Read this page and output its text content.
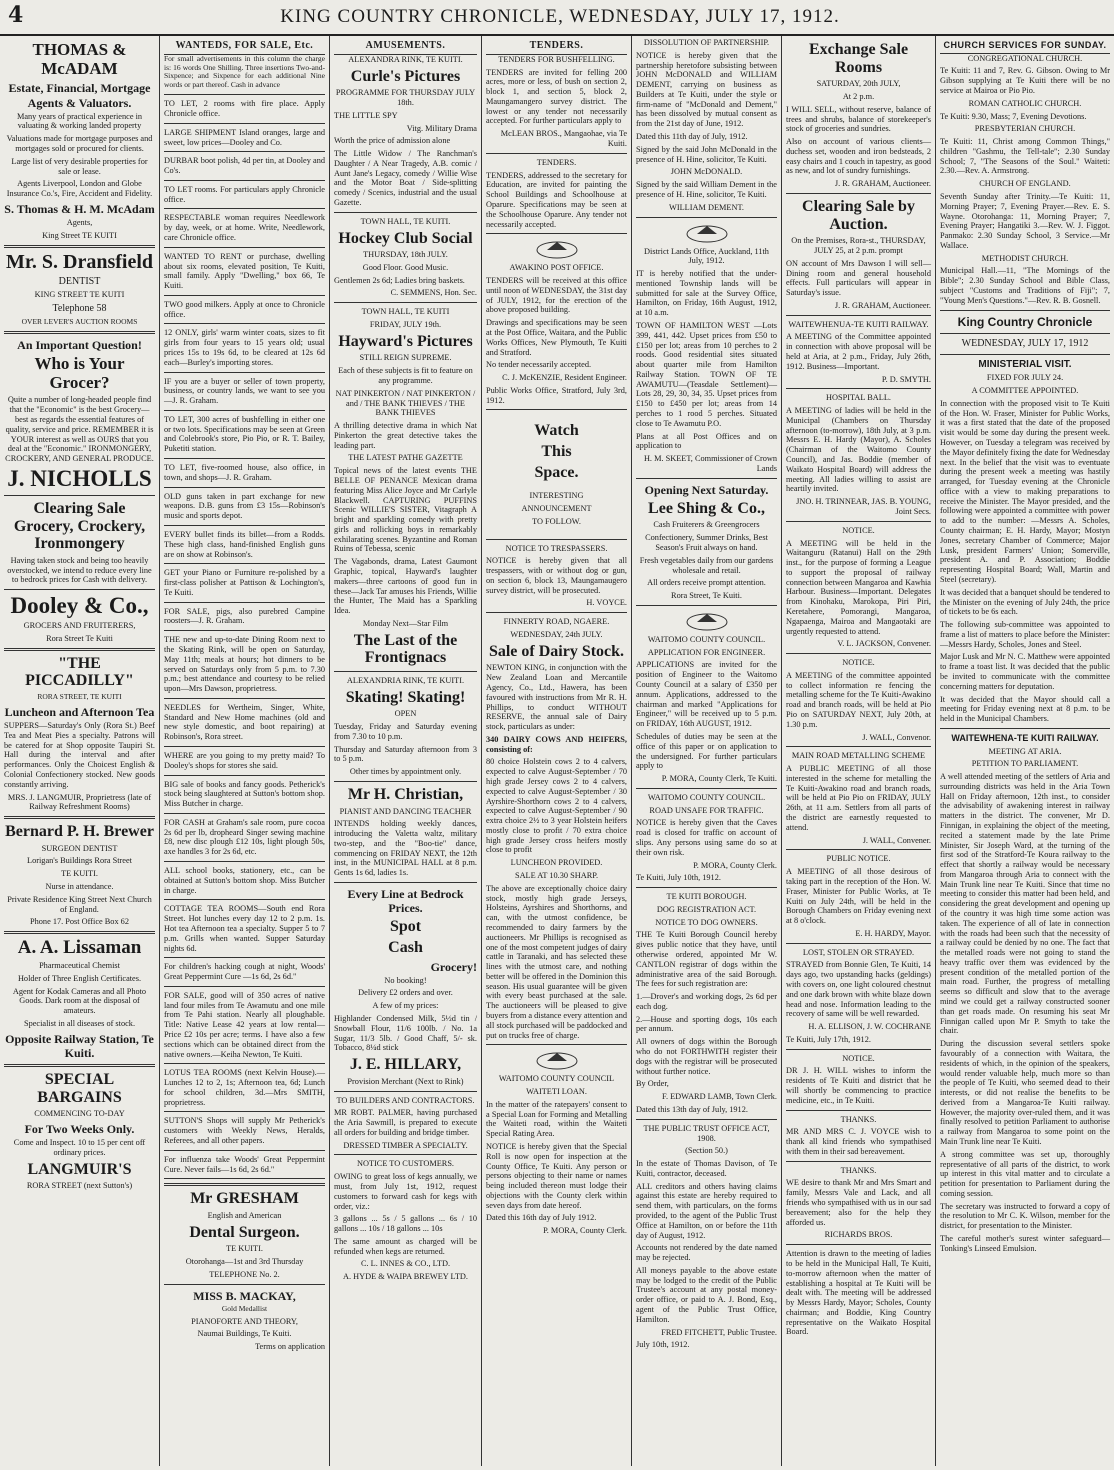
4	KING COUNTRY CHRONICLE, WEDNESDAY, JULY 17, 1912.
THOMAS & McADAM
Estate, Financial, Mortgage Agents & Valuators.

Many years of practical experience in valuating & working landed property

Valuations made for mortgage purposes and mortgages sold or procured for clients.

Large list of very desirable properties for sale or lease.

Agents Liverpool, London and Globe Insurance Co.'s, Fire, Accident and Fidelity.

S. Thomas & H. M. McAdam

Agents,

King Street TE KUITI

Mr. S. Dransfield

DENTIST

KING STREET TE KUITI

Telephone 58

OVER LEVER'S AUCTION ROOMS

An Important Question!
Who is Your Grocer?

Quite a number of long-headed people find that the "Economic" is the best Grocery—best as regards the essential features of quality, service and price. REMEMBER it is YOUR interest as well as OURS that you deal at the "Economic." IRONMONGERY, CROCKERY, AND GENERAL PRODUCE.

J. NICHOLLS
Clearing Sale Grocery, Crockery, Ironmongery

Having taken stock and being too heavily overstocked, we intend to reduce every line to bedrock prices for Cash with delivery.

Dooley & Co.,

GROCERS AND FRUITERERS,

Rora Street Te Kuiti

"THE PICCADILLY"

RORA STREET, TE KUITI

Luncheon and Afternoon Tea

SUPPERS—Saturday's Only (Rora St.) Beef Tea and Meat Pies a specialty. Patrons will be catered for at Shop opposite Taupiri St. Hall during the interval and after performances. Only the Choicest English & Colonial Confectionery stocked. New goods constantly arriving.

MRS. J. LANGMUIR, Proprietress (late of Railway Refreshment Rooms)

Bernard P. H. Brewer

SURGEON DENTIST

Lorigan's Buildings Rora Street

TE KUITI.

Nurse in attendance.

Private Residence King Street Next Church of England.

Phone 17. Post Office Box 62

A. A. Lissaman

Pharmaceutical Chemist

Holder of Three English Certificates.

Agent for Kodak Cameras and all Photo Goods. Dark room at the disposal of amateurs.

Specialist in all diseases of stock.

Opposite Railway Station, Te Kuiti.
SPECIAL BARGAINS

COMMENCING TO-DAY

For Two Weeks Only.

Come and Inspect. 10 to 15 per cent off ordinary prices.

LANGMUIR'S

RORA STREET (next Sutton's)

WANTEDS, FOR SALE, Etc.

For small advertisements in this column the charge is: 16 words One Shilling. Three insertions Two-and-Sixpence; and Sixpence for each additional Nine words or part thereof. Cash in advance

TO LET, 2 rooms with fire place. Apply Chronicle office.

LARGE SHIPMENT Island oranges, large and sweet, low prices—Dooley and Co.

DURBAR boot polish, 4d per tin, at Dooley and Co's.

TO LET rooms. For particulars apply Chronicle office.

RESPECTABLE woman requires Needlework by day, week, or at home. Write, Needlework, care Chronicle office.

WANTED TO RENT or purchase, dwelling about six rooms, elevated position, Te Kuiti, small family. Apply "Dwelling," box 66, Te Kuiti.

TWO good milkers. Apply at once to Chronicle office.

12 ONLY, girls' warm winter coats, sizes to fit girls from four years to 15 years old; usual prices 15s to 19s 6d, to be cleared at 12s 6d each—Burley's importing stores.

IF you are a buyer or seller of town property, business, or country lands, we want to see you—J. R. Graham.

TO LET, 300 acres of bushfelling in either one or two lots. Specifications may be seen at Green and Colebrook's store, Pio Pio, or R. T. Bailey, Puketiti station.

TO LET, five-roomed house, also office, in town, and shops—J. R. Graham.

OLD guns taken in part exchange for new weapons. D.B. guns from £3 15s—Robinson's music and sports depot.

EVERY bullet finds its billet—from a Rodds. These high class, hand-finished English guns are on show at Robinson's.

GET your Piano or Furniture re-polished by a first-class polisher at Pattison & Lochington's, Te Kuiti.

FOR SALE, pigs, also purebred Campine roosters—J. R. Graham.

THE new and up-to-date Dining Room next to the Skating Rink, will be open on Saturday, May 11th; meals at hours; hot dinners to be served on Saturdays only from 5 p.m. to 7.30 p.m.; best attendance and courtesy to be relied upon—Mrs Dawson, proprietress.

NEEDLES for Wertheim, Singer, White, Standard and New Home machines (old and new style domestic, and boot repairing) at Robinson's, Rora street.

WHERE are you going to my pretty maid? To Dooley's shops for stores she said.

BIG sale of books and fancy goods. Petherick's stock being slaughtered at Sutton's bottom shop. Miss Butcher in charge.

FOR CASH at Graham's sale room, pure cocoa 2s 6d per lb, dropheard Singer sewing machine £8, new disc plough £12 10s, light plough 50s, axe handles 3 for 2s 6d, etc.

ALL school books, stationery, etc., can be obtained at Sutton's bottom shop. Miss Butcher in charge.

COTTAGE TEA ROOMS—South end Rora Street. Hot lunches every day 12 to 2 p.m. 1s. Hot tea Afternoon tea a specialty. Supper 5 to 7 p.m. Grills when wanted. Supper Saturday nights 6d.

For children's hacking cough at night, Woods' Great Peppermint Cure —1s 6d, 2s 6d."

FOR SALE, good will of 350 acres of native land four miles from Te Awamutu and one mile from Te Pahi station. Nearly all ploughable. Title: Native Lease 42 years at low rental—Price £2 10s per acre; terms. I have also a few sections which can be obtained direct from the native owners.—Keiha Newton, Te Kuiti.

LOTUS TEA ROOMS (next Kelvin House).—Lunches 12 to 2, 1s; Afternoon tea, 6d; Lunch for school children, 3d.—Mrs SMITH, proprietress.

SUTTON'S Shops will supply Mr Petherick's customers with Weekly News, Heralds, Referees, and all other papers.

For influenza take Woods' Great Peppermint Cure. Never fails—1s 6d, 2s 6d."

Mr GRESHAM

English and American

Dental Surgeon.

TE KUITI.

Otorohanga—1st and 3rd Thursday

TELEPHONE No. 2.

MISS B. MACKAY,

Gold Medallist

PIANOFORTE AND THEORY,

Naumai Buildings, Te Kuiti.

Terms on application

AMUSEMENTS.

ALEXANDRA RINK, TE KUITI.

Curle's Pictures

PROGRAMME FOR THURSDAY JULY 18th.

THE LITTLE SPY

Vitg. Military Drama

Worth the price of admission alone

The Little Widow / The Ranchman's Daughter / A Near Tragedy, A.B. comic / Aunt Jane's Legacy, comedy / Willie Wise and the Motor Boat / Side-splitting comedy / Scenics, industrial and the usual Gazette.

TOWN HALL, TE KUITI.

Hockey Club Social

THURSDAY, 18th JULY.

Good Floor. Good Music.

Gentlemen 2s 6d; Ladies bring baskets.

C. SEMMENS, Hon. Sec.

TOWN HALL, TE KUITI

FRIDAY, JULY 19th.

Hayward's Pictures

STILL REIGN SUPREME.

Each of these subjects is fit to feature on any programme.

NAT PINKERTON / NAT PINKERTON / and / THE BANK THIEVES / THE BANK THIEVES

A thrilling detective drama in which Nat Pinkerton the great detective takes the leading part.

THE LATEST PATHE GAZETTE

Topical news of the latest events THE BELLE OF PENANCE Mexican drama featuring Miss Alice Joyce and Mr Carlyle Blackwell. CAPTURING PUFFINS Scenic WILLIE'S SISTER, Vitagraph A bright and sparkling comedy with pretty girls and rollicking boys in remarkably exhilarating scenes. Byzantine and Roman Ruins of Tebessa, scenic

The Vagabonds, drama, Latest Gaumont Graphic, topical, Hayward's laughter makers—three cartoons of good fun in these—Jack Tar amuses his Friends, Willie the Hunter, The Maid has a Sparkling Idea.

Monday Next—Star Film

The Last of the Frontignacs

ALEXANDRIA RINK, TE KUITI.

Skating! Skating!

OPEN

Tuesday, Friday and Saturday evening from 7.30 to 10 p.m.

Thursday and Saturday afternoon from 3 to 5 p.m.

Other times by appointment only.

Mr H. Christian,

PIANIST AND DANCING TEACHER

INTENDS holding weekly dances, introducing the Valetta waltz, military two-step, and the "Boo-tie" dance, commencing on FRIDAY NEXT, the 12th inst, in the MUNICIPAL HALL at 8 p.m. Gents 1s 6d, ladies 1s.

Every Line at Bedrock Prices.
Spot
Cash
Grocery!

No booking!

Delivery £2 orders and over.

A few of my prices:

Highlander Condensed Milk, 5½d tin / Snowball Flour, 11/6 100lb. / No. 1a Sugar, 11/3 5lb. / Good Chaff, 5/- sk. Tobacco, 8¼d stick

J. E. HILLARY,

Provision Merchant (Next to Rink)

TO BUILDERS AND CONTRACTORS.

MR ROBT. PALMER, having purchased the Aria Sawmill, is prepared to execute all orders for building and bridge timber.

DRESSED TIMBER A SPECIALTY.

NOTICE TO CUSTOMERS.

OWING to great loss of kegs annually, we must, from July 1st, 1912, request customers to forward cash for kegs with order, viz.:

3 gallons ... 5s / 5 gallons ... 6s / 10 gallons ... 10s / 18 gallons ... 10s

The same amount as charged will be refunded when kegs are returned.

C. L. INNES & CO., LTD.

A. HYDE & WAIPA BREWEY LTD.

TENDERS.

TENDERS FOR BUSHFELLING.

TENDERS are invited for felling 200 acres, more or less, of bush on section 2, block 1, and section 5, block 2, Maungamangero survey district. The lowest or any tender not necessarily accepted. For further particulars apply to

McLEAN BROS., Mangaohae, via Te Kuiti.

TENDERS.

TENDERS, addressed to the secretary for Education, are invited for painting the School Buildings and Schoolhouse at Oparure. Specifications may be seen at the Schoolhouse Oparure. Any tender not necessarily accepted.

AWAKINO POST OFFICE.

TENDERS will be received at this office until noon of WEDNESDAY, the 31st day of JULY, 1912, for the erection of the above proposed building.

Drawings and specifications may be seen at the Post Office, Waitara, and the Public Works Offices, New Plymouth, Te Kuiti and Stratford.

No tender necessarily accepted.

C. J. McKENZIE, Resident Engineer.

Public Works Office, Stratford, July 3rd, 1912.

Watch
This
Space.

INTERESTING

ANNOUNCEMENT

TO FOLLOW.

NOTICE TO TRESPASSERS.

NOTICE is hereby given that all trespassers, with or without dog or gun, on section 6, block 13, Maungamaugero survey district, will be prosecuted.

H. VOYCE.

FINNERTY ROAD, NGAERE.

WEDNESDAY, 24th JULY.

Sale of Dairy Stock.

NEWTON KING, in conjunction with the New Zealand Loan and Mercantile Agency, Co., Ltd., Hawera, has been favoured with instructions from Mr R. H. Phillips, to conduct WITHOUT RESERVE, the annual sale of Dairy stock, particulars as under:

340 DAIRY COWS AND HEIFERS, consisting of:

80 choice Holstein cows 2 to 4 calvers, expected to calve August-September / 70 high grade Jersey cows 2 to 4 calvers, expected to calve August-September / 30 Ayrshire-Shorthorn cows 2 to 4 calvers, expected to calve August-September / 90 extra choice 2½ to 3 year Holstein heifers mostly close to profit / 70 extra choice high grade Jersey cross heifers mostly close to profit

LUNCHEON PROVIDED.

SALE AT 10.30 SHARP.

The above are exceptionally choice dairy stock, mostly high grade Jerseys, Holsteins, Ayrshires and Shorthorns, and can, with the utmost confidence, be recommended to dairy farmers by the auctioneers. Mr Phillips is recognised as one of the most competent judges of dairy cattle in Taranaki, and has selected these lines with the utmost care, and nothing better will be offered in the Dominion this season. His usual guarantee will be given with every beast purchased at the sale. The auctioneers will be pleased to give buyers from a distance every attention and all stock purchased will be paddocked and put on trucks free of charge.

WAITOMO COUNTY COUNCIL

WAITETI LOAN.

In the matter of the ratepayers' consent to a Special Loan for Forming and Metalling the Waiteti road, within the Waiteti Special Rating Area.

NOTICE is hereby given that the Special Roll is now open for inspection at the County Office, Te Kuiti. Any person or persons objecting to their name or names being included thereon must lodge their objections with the County clerk within seven days from date hereof.

Dated this 16th day of July 1912.

P. MORA, County Clerk.

DISSOLUTION OF PARTNERSHIP.

NOTICE is hereby given that the partnership heretofore subsisting between JOHN McDONALD and WILLIAM DEMENT, carrying on business as Builders at Te Kuiti, under the style or firm-name of "McDonald and Dement," has been dissolved by mutual consent as from the 21st day of June, 1912.

Dated this 11th day of July, 1912.

Signed by the said John McDonald in the presence of H. Hine, solicitor, Te Kuiti.

JOHN McDONALD.

Signed by the said William Dement in the presence of H. Hine, solicitor, Te Kuiti.

WILLIAM DEMENT.

District Lands Office, Auckland, 11th July, 1912.

IT is hereby notified that the under-mentioned Township lands will be submitted for sale at the Survey Office, Hamilton, on Friday, 16th August, 1912, at 10 a.m.

TOWN OF HAMILTON WEST —Lots 399, 441, 442. Upset prices from £50 to £150 per lot; areas from 10 perches to 2 roods. Good residential sites situated about quarter mile from Hamilton Railway Station. TOWN OF TE AWAMUTU—(Teasdale Settlement)—Lots 28, 29, 30, 34, 35. Upset prices from £150 to £450 per lot; areas from 14 perches to 1 rood 5 perches. Situated close to Te Awamutu P.O.

Plans at all Post Offices and on application to

H. M. SKEET, Commissioner of Crown Lands

Opening Next Saturday.
Lee Shing & Co.,

Cash Fruiterers & Greengrocers

Confectionery, Summer Drinks, Best Season's Fruit always on hand.

Fresh vegetables daily from our gardens wholesale and retail.

All orders receive prompt attention.

Rora Street, Te Kuiti.

WAITOMO COUNTY COUNCIL.

APPLICATION FOR ENGINEER.

APPLICATIONS are invited for the position of Engineer to the Waitomo County Council at a salary of £350 per annum. Applications, addressed to the chairman and marked "Applications for Engineer," will be received up to 5 p.m. on FRIDAY, 16th AUGUST, 1912.

Schedules of duties may be seen at the office of this paper or on application to the undersigned. For further particulars apply to

P. MORA, County Clerk, Te Kuiti.

WAITOMO COUNTY COUNCIL.

ROAD UNSAFE FOR TRAFFIC.

NOTICE is hereby given that the Caves road is closed for traffic on account of slips. Any persons using same do so at their own risk.

P. MORA, County Clerk.

Te Kuiti, July 10th, 1912.

TE KUITI BOROUGH.

DOG REGISTRATION ACT.

NOTICE TO DOG OWNERS.

THE Te Kuiti Borough Council hereby gives public notice that they have, until otherwise ordered, appointed Mr W. CANTLON registrar of dogs within the administrative area of the said Borough. The fees for such registration are:

1.—Drover's and working dogs, 2s 6d per each dog.

2.—House and sporting dogs, 10s each per annum.

All owners of dogs within the Borough who do not FORTHWITH register their dogs with the registrar will be prosecuted without further notice.

By Order,

F. EDWARD LAMB, Town Clerk.

Dated this 13th day of July, 1912.

THE PUBLIC TRUST OFFICE ACT, 1908.

(Section 50.)

In the estate of Thomas Davison, of Te Kuiti, contractor, deceased.

ALL creditors and others having claims against this estate are hereby required to send them, with particulars, on the forms provided, to the agent of the Public Trust Office at Hamilton, on or before the 11th day of August, 1912.

Accounts not rendered by the date named may be rejected.

All moneys payable to the above estate may be lodged to the credit of the Public Trustee's account at any postal money-order office, or paid to A. J. Bond, Esq., agent of the Public Trust Office, Hamilton.

FRED FITCHETT, Public Trustee.

July 10th, 1912.

Exchange Sale Rooms

SATURDAY, 20th JULY,

At 2 p.m.

I WILL SELL, without reserve, balance of trees and shrubs, balance of storekeeper's stock of groceries and sundries.

Also on account of various clients—duchess set, wooden and iron bedsteads, 2 easy chairs and 1 couch in tapestry, as good as new, and lot of sundry furnishings.

J. R. GRAHAM, Auctioneer.

Clearing Sale by Auction.

On the Premises, Rora-st., THURSDAY, JULY 25, at 2 p.m. prompt

ON account of Mrs Dawson I will sell—Dining room and general household effects. Full particulars will appear in Saturday's issue.

J. R. GRAHAM, Auctioneer.

WAITEWHENUA-TE KUITI RAILWAY.

A MEETING of the Committee appointed in connection with above proposal will be held at Aria, at 2 p.m., Friday, July 26th, 1912. Business—Important.

P. D. SMYTH.

HOSPITAL BALL.

A MEETING of ladies will be held in the Municipal (Chambers on Thursday afternoon (to-morrow), 18th July, at 3 p.m. Messrs E. H. Hardy (Mayor), A. Scholes (Chairman of the Waitomo County Council), and Jas. Boddie (member of Waikato Hospital Board) will address the meeting. All ladies willing to assist are heartily invited.

JNO. H. TRINNEAR, JAS. B. YOUNG, Joint Secs.

NOTICE.

A MEETING will be held in the Waitanguru (Ratanui) Hall on the 29th inst., for the purpose of forming a League to support the proposal of railway connection between Mangaroa and Kawhia Harbour. Business—Important. Delegates from Kinohaku, Marokopa, Piri Piri, Keretahere, Pomorangi, Mangaroa, Ngapaenga, Mairoa and Mangaotaki are urgently requested to attend.

V. L. JACKSON, Convener.

NOTICE.

A MEETING of the committee appointed to collect information re fencing the metalling scheme for the Te Kuiti-Awakino road and branch roads, will be held at Pio Pio on SATURDAY NEXT, July 20th, at 1.30 p.m.

J. WALL, Convenor.

MAIN ROAD METALLING SCHEME

A PUBLIC MEETING of all those interested in the scheme for metalling the Te Kuiti-Awakino road and branch roads, will be held at Pio Pio on FRIDAY, JULY 26th, at 11 a.m. Settlers from all parts of the district are earnestly requested to attend.

J. WALL, Convener.

PUBLIC NOTICE.

A MEETING of all those desirous of taking part in the reception of the Hon. W. Fraser, Minister for Public Works, at Te Kuiti on July 24th, will be held in the Borough Chambers on Friday evening next at 8 o'clock.

E. H. HARDY, Mayor.

LOST, STOLEN OR STRAYED.

STRAYED from Bonnie Glen, Te Kuiti, 14 days ago, two upstanding hacks (geldings) with covers on, one light coloured chestnut and one dark brown with white blaze down head and nose. Information leading to the recovery of same will be well rewarded.

H. A. ELLISON, J. W. COCHRANE

Te Kuiti, July 17th, 1912.

NOTICE.

DR J. H. WILL wishes to inform the residents of Te Kuiti and district that he will shortly be commencing to practice medicine, etc., in Te Kuiti.

THANKS.

MR AND MRS C. J. VOYCE wish to thank all kind friends who sympathised with them in their sad bereavement.

THANKS.

WE desire to thank Mr and Mrs Smart and family, Messrs Vale and Lack, and all friends who sympathised with us in our sad bereavement; also for the help they afforded us.

RICHARDS BROS.

Attention is drawn to the meeting of ladies to be held in the Municipal Hall, Te Kuiti, to-morrow afternoon when the matter of establishing a hospital at Te Kuiti will be dealt with. The meeting will be addressed by Messrs Hardy, Mayor; Scholes, County chairman; and Boddie, King Country representative on the Waikato Hospital Board.

CHURCH SERVICES FOR SUNDAY.

CONGREGATIONAL CHURCH.

Te Kuiti: 11 and 7, Rev. G. Gibson. Owing to Mr Gibson supplying at Te Kuiti there will be no service at Mairoa or Pio Pio.

ROMAN CATHOLIC CHURCH.

Te Kuiti: 9.30, Mass; 7, Evening Devotions.

PRESBYTERIAN CHURCH.

Te Kuiti: 11, Christ among Common Things," children "Gashmu, the Tell-tale"; 2.30 Sunday School; 7, "The Seasons of the Soul." Waiteti: 2.30.—Rev. A. Armstrong.

CHURCH OF ENGLAND.

Seventh Sunday after Trinity.—Te Kuiti: 11, Morning Prayer; 7, Evening Prayer.—Rev. E. S. Wayne. Otorohanga: 11, Morning Prayer; 7, Evening Prayer; Hangatiki 3.—Rev. W. J. Figgot. Panmako: 2.30 Sunday School, 3 Service.—Mr Wallace.

METHODIST CHURCH.

Municipal Hall.—11, "The Mornings of the Bible"; 2.30 Sunday School and Bible Class, subject "Customs and Traditions of Fiji"; 7, "Young Men's Questions."—Rev. R. B. Gosnell.

King Country Chronicle

WEDNESDAY, JULY 17, 1912

MINISTERIAL VISIT.

FIXED FOR JULY 24.

A COMMITTEE APPOINTED.

In connection with the proposed visit to Te Kuiti of the Hon. W. Fraser, Minister for Public Works, it was a first stated that the date of the proposed visit would be some day during the present week. However, on Tuesday a telegram was received by the Mayor definitely fixing the date for Wednesday next. In the belief that the visit was to eventuate during the present week a meeting was hastily arranged, for Tuesday evening at the Chronicle office with a view to making preparations to receive the Minister. The Mayor presided, and the following were appointed a committee with power to add to the number: —Messrs A. Scholes, County chairman; E. H. Hardy, Mayor; Mostyn Jones, secretary Chamber of Commerce; Major Lusk, president Farmers' Union; Somerville, president A. and P. Association; Boddie representing Hospital Board; Wall, Martin and Steel (secretary).

It was decided that a banquet should be tendered to the Minister on the evening of July 24th, the price of tickets to be 6s each.

The following sub-committee was appointed to frame a list of matters to place before the Minister:—Messrs Hardy, Scholes, Jones and Steel.

Major Lusk and Mr N. C. Matthew were appointed to frame a toast list. It was decided that the public be invited to communicate with the committee concerning matters for deputation.

It was decided that the Mayor should call a meeting for Friday evening next at 8 p.m. to be held in the Municipal Chambers.

WAITEWHENA-TE KUITI RAILWAY.

MEETING AT ARIA.

PETITION TO PARLIAMENT.

A well attended meeting of the settlers of Aria and surrounding districts was held in the Aria Town Hall on Friday afternoon, 12th inst., to consider the advisability of awakening interest in railway matters in the district. The convener, Mr D. Finnigan, in explaining the object of the meeting, recited a statement made by the late Prime Minister, Sir Joseph Ward, at the turning of the first sod of the Stratford-Te Koura railway to the effect that shortly a railway would be necessary from Mangaroa through Aria to connect with the Main Trunk line near Te Kuiti. Since that time no meeting to consider this matter had been held, and considering the great development and opening up of the country it was high time some action was taken. The experience of all of late in connection with the roads had been such that the necessity of a railway could be denied by no one. The fact that the metalled roads were not going to stand the heavy traffic over them was evidenced by the present condition of the metalled portion of the main road. Further, the progress of metalling seems so difficult and slow that to the average mind we could get a railway constructed sooner than get roads made. On resuming his seat Mr Finnigan called upon Mr P. Smyth to take the chair.

During the discussion several settlers spoke favourably of a connection with Waitara, the residents of which, in the opinion of the speakers, would render valuable help, much more so than the people of Te Kuiti, who seemed dead to their interests, or did not realise the benefits to be derived from a Mangaroa-Te Kuiti railway. However, the majority over-ruled them, and it was finally resolved to petition Parliament to authorise a railway from Mangaroa to some point on the Main Trunk line near Te Kuiti.

A strong committee was set up, thoroughly representative of all parts of the district, to work up interest in this vital matter and to circulate a petition for presentation to Parliament during the coming session.

The secretary was instructed to forward a copy of the resolution to Mr C. K. Wilson, member for the district, for presentation to the Minister.

The careful mother's surest winter safeguard—Tonking's Linseed Emulsion.
